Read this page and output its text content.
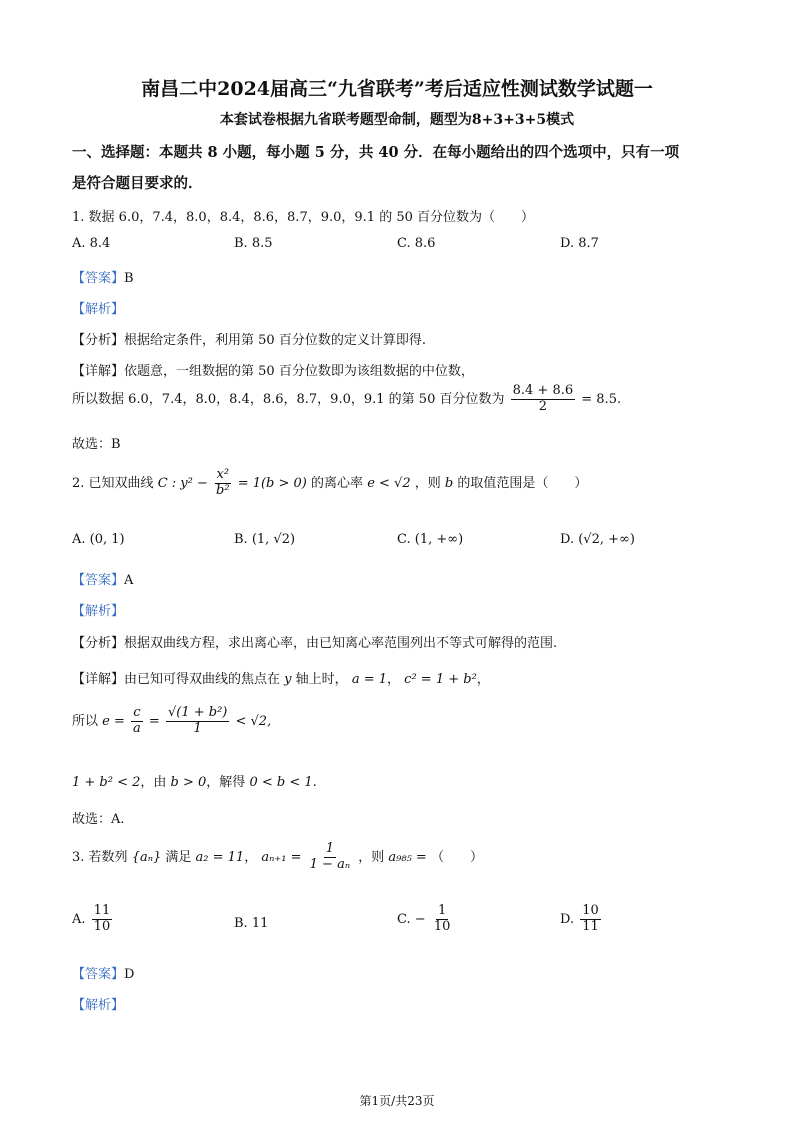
南昌二中2024届高三“九省联考”考后适应性测试数学试题一
本套试卷根据九省联考题型命制，题型为8+3+3+5模式
一、选择题：本题共 8 小题，每小题 5 分，共 40 分．在每小题给出的四个选项中，只有一项
是符合题目要求的．
1. 数据 6.0，7.4，8.0，8.4，8.6，8.7，9.0，9.1 的 50 百分位数为（　　）
A. 8.4	B. 8.5	C. 8.6	D. 8.7
【答案】B
【解析】
【分析】根据给定条件，利用第 50 百分位数的定义计算即得.
【详解】依题意，一组数据的第 50 百分位数即为该组数据的中位数，
所以数据 6.0，7.4，8.0，8.4，8.6，8.7，9.0，9.1 的第 50 百分位数为 $\frac{8.4 + 8.6}{2} = 8.5$.
故选：B
2. 已知双曲线 C : $y^2 - \frac{\text{x²}}{\text{b²}} = 1(b > 0)$ 的离心率 e < √2 ，则 b 的取值范围是（　　）
A. (0, 1)	B. (1, √2)	C. (1, +∞)	D. (√2, +∞)
【答案】A
【解析】
【分析】根据双曲线方程，求出离心率，由已知离心率范围列出不等式可解得的范围.
【详解】由已知可得双曲线的焦点在 y 轴上时， a = 1， c² = 1 + b²，
所以 $e = \frac{c}{a} = \frac{\text{√(1 + b²)}}{1} < √2$,
1 + b² < 2，由 b > 0，解得 0 < b < 1.
故选：A.
3. 若数列 {aₙ} 满足 a₂ = 11， $a_{n+1} = \frac{1}{\text{1 − aₙ}}$ ，则 a₉₈₅ = （　　）
A. $\frac{11}{10}$	B. 11	C. − $\frac{1}{10}$	D. $\frac{10}{11}$
【答案】D
【解析】
第1页/共23页
